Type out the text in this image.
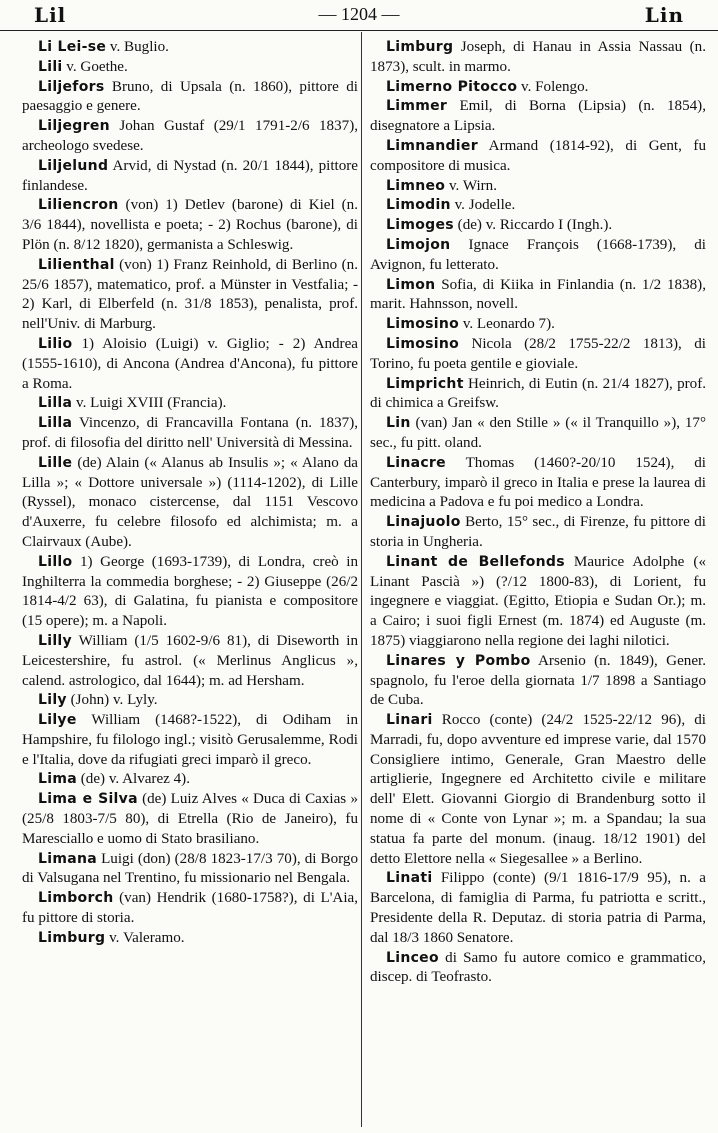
Lil	— 1204 —	Lin

Li Lei-se v. Buglio.

Lili v. Goethe.

Liljefors Bruno, di Upsala (n. 1860), pittore di paesaggio e genere.

Liljegren Johan Gustaf (29/1 1791-2/6 1837), archeologo svedese.

Liljelund Arvid, di Nystad (n. 20/1 1844), pittore finlandese.

Liliencron (von) 1) Detlev (barone) di Kiel (n. 3/6 1844), novellista e poeta; - 2) Rochus (barone), di Plön (n. 8/12 1820), germanista a Schleswig.

Lilienthal (von) 1) Franz Reinhold, di Berlino (n. 25/6 1857), matematico, prof. a Münster in Vestfalia; - 2) Karl, di Elberfeld (n. 31/8 1853), penalista, prof. nell'Univ. di Marburg.

Lilio 1) Aloisio (Luigi) v. Giglio; - 2) Andrea (1555-1610), di Ancona (Andrea d'Ancona), fu pittore a Roma.

Lilla v. Luigi XVIII (Francia).

Lilla Vincenzo, di Francavilla Fontana (n. 1837), prof. di filosofia del diritto nell' Università di Messina.

Lille (de) Alain (« Alanus ab Insulis »; « Alano da Lilla »; « Dottore universale ») (1114-1202), di Lille (Ryssel), monaco cistercense, dal 1151 Vescovo d'Auxerre, fu celebre filosofo ed alchimista; m. a Clairvaux (Aube).

Lillo 1) George (1693-1739), di Londra, creò in Inghilterra la commedia borghese; - 2) Giuseppe (26/2 1814-4/2 63), di Galatina, fu pianista e compositore (15 opere); m. a Napoli.

Lilly William (1/5 1602-9/6 81), di Diseworth in Leicestershire, fu astrol. (« Merlinus Anglicus », calend. astrologico, dal 1644); m. ad Hersham.

Lily (John) v. Lyly.

Lilye William (1468?-1522), di Odiham in Hampshire, fu filologo ingl.; visitò Gerusalemme, Rodi e l'Italia, dove da rifugiati greci imparò il greco.

Lima (de) v. Alvarez 4).

Lima e Silva (de) Luiz Alves « Duca di Caxias » (25/8 1803-7/5 80), di Etrella (Rio de Janeiro), fu Maresciallo e uomo di Stato brasiliano.

Limana Luigi (don) (28/8 1823-17/3 70), di Borgo di Valsugana nel Trentino, fu missionario nel Bengala.

Limborch (van) Hendrik (1680-1758?), di L'Aia, fu pittore di storia.

Limburg v. Valeramo.

Limburg Joseph, di Hanau in Assia Nassau (n. 1873), scult. in marmo.

Limerno Pitocco v. Folengo.

Limmer Emil, di Borna (Lipsia) (n. 1854), disegnatore a Lipsia.

Limnandier Armand (1814-92), di Gent, fu compositore di musica.

Limneo v. Wirn.

Limodin v. Jodelle.

Limoges (de) v. Riccardo I (Ingh.).

Limojon Ignace François (1668-1739), di Avignon, fu letterato.

Limon Sofia, di Kiika in Finlandia (n. 1/2 1838), marit. Hahnsson, novell.

Limosino v. Leonardo 7).

Limosino Nicola (28/2 1755-22/2 1813), di Torino, fu poeta gentile e gioviale.

Limpricht Heinrich, di Eutin (n. 21/4 1827), prof. di chimica a Greifsw.

Lin (van) Jan « den Stille » (« il Tranquillo »), 17° sec., fu pitt. oland.

Linacre Thomas (1460?-20/10 1524), di Canterbury, imparò il greco in Italia e prese la laurea di medicina a Padova e fu poi medico a Londra.

Linajuolo Berto, 15° sec., di Firenze, fu pittore di storia in Ungheria.

Linant de Bellefonds Maurice Adolphe (« Linant Pascià ») (?/12 1800-83), di Lorient, fu ingegnere e viaggiat. (Egitto, Etiopia e Sudan Or.); m. a Cairo; i suoi figli Ernest (m. 1874) ed Auguste (m. 1875) viaggiarono nella regione dei laghi nilotici.

Linares y Pombo Arsenio (n. 1849), Gener. spagnolo, fu l'eroe della giornata 1/7 1898 a Santiago de Cuba.

Linari Rocco (conte) (24/2 1525-22/12 96), di Marradi, fu, dopo avventure ed imprese varie, dal 1570 Consigliere intimo, Generale, Gran Maestro delle artiglierie, Ingegnere ed Architetto civile e militare dell' Elett. Giovanni Giorgio di Brandenburg sotto il nome di « Conte von Lynar »; m. a Spandau; la sua statua fa parte del monum. (inaug. 18/12 1901) del detto Elettore nella « Siegesallee » a Berlino.

Linati Filippo (conte) (9/1 1816-17/9 95), n. a Barcelona, di famiglia di Parma, fu patriotta e scritt., Presidente della R. Deputaz. di storia patria di Parma, dal 18/3 1860 Senatore.

Linceo di Samo fu autore comico e grammatico, discep. di Teofrasto.
